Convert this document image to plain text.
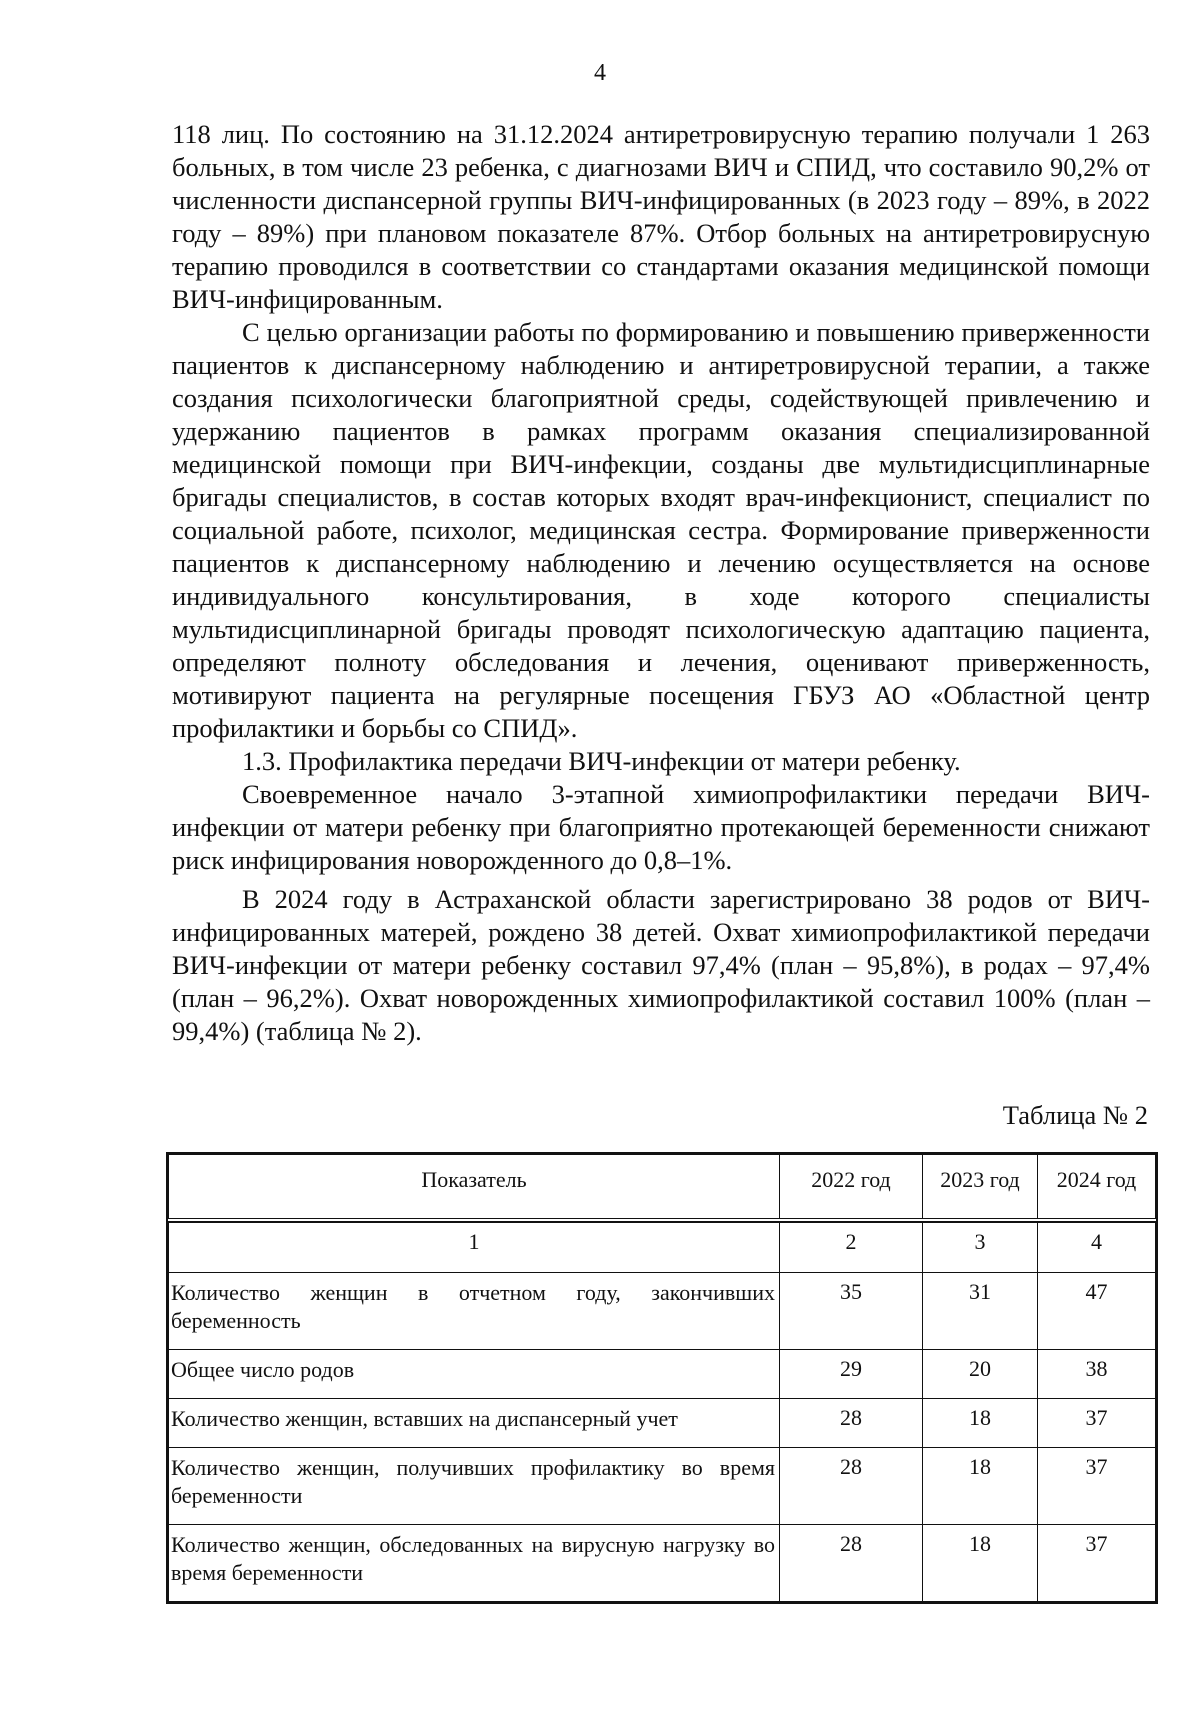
4

118 лиц. По состоянию на 31.12.2024 антиретровирусную терапию получали 1 263 больных, в том числе 23 ребенка, с диагнозами ВИЧ и СПИД, что составило 90,2% от численности диспансерной группы ВИЧ-инфицированных (в 2023 году – 89%, в 2022 году – 89%) при плановом показателе 87%. Отбор больных на антиретровирусную терапию проводился в соответствии со стандартами оказания медицинской помощи ВИЧ-инфицированным.

С целью организации работы по формированию и повышению приверженности пациентов к диспансерному наблюдению и антиретровирусной терапии, а также создания психологически благоприятной среды, содействующей привлечению и удержанию пациентов в рамках программ оказания специализированной медицинской помощи при ВИЧ-инфекции, созданы две мультидисциплинарные бригады специалистов, в состав которых входят врач-инфекционист, специалист по социальной работе, психолог, медицинская сестра. Формирование приверженности пациентов к диспансерному наблюдению и лечению осуществляется на основе индивидуального консультирования, в ходе которого специалисты мультидисциплинарной бригады проводят психологическую адаптацию пациента, определяют полноту обследования и лечения, оценивают приверженность, мотивируют пациента на регулярные посещения ГБУЗ АО «Областной центр профилактики и борьбы со СПИД».

1.3. Профилактика передачи ВИЧ-инфекции от матери ребенку.

Своевременное начало 3-этапной химиопрофилактики передачи ВИЧ-инфекции от матери ребенку при благоприятно протекающей беременности снижают риск инфицирования новорожденного до 0,8–1%.

В 2024 году в Астраханской области зарегистрировано 38 родов от ВИЧ-инфицированных матерей, рождено 38 детей. Охват химиопрофилактикой передачи ВИЧ-инфекции от матери ребенку составил 97,4% (план – 95,8%), в родах – 97,4% (план – 96,2%). Охват новорожденных химиопрофилактикой составил 100% (план – 99,4%) (таблица № 2).

Таблица № 2
Показатель	2022 год	2023 год	2024 год

1	2	3	4
Количество женщин в отчетном году, закончивших беременность	35	31	47
Общее число родов	29	20	38
Количество женщин, вставших на диспансерный учет	28	18	37
Количество женщин, получивших профилактику во время беременности	28	18	37
Количество женщин, обследованных на вирусную нагрузку во время беременности	28	18	37
